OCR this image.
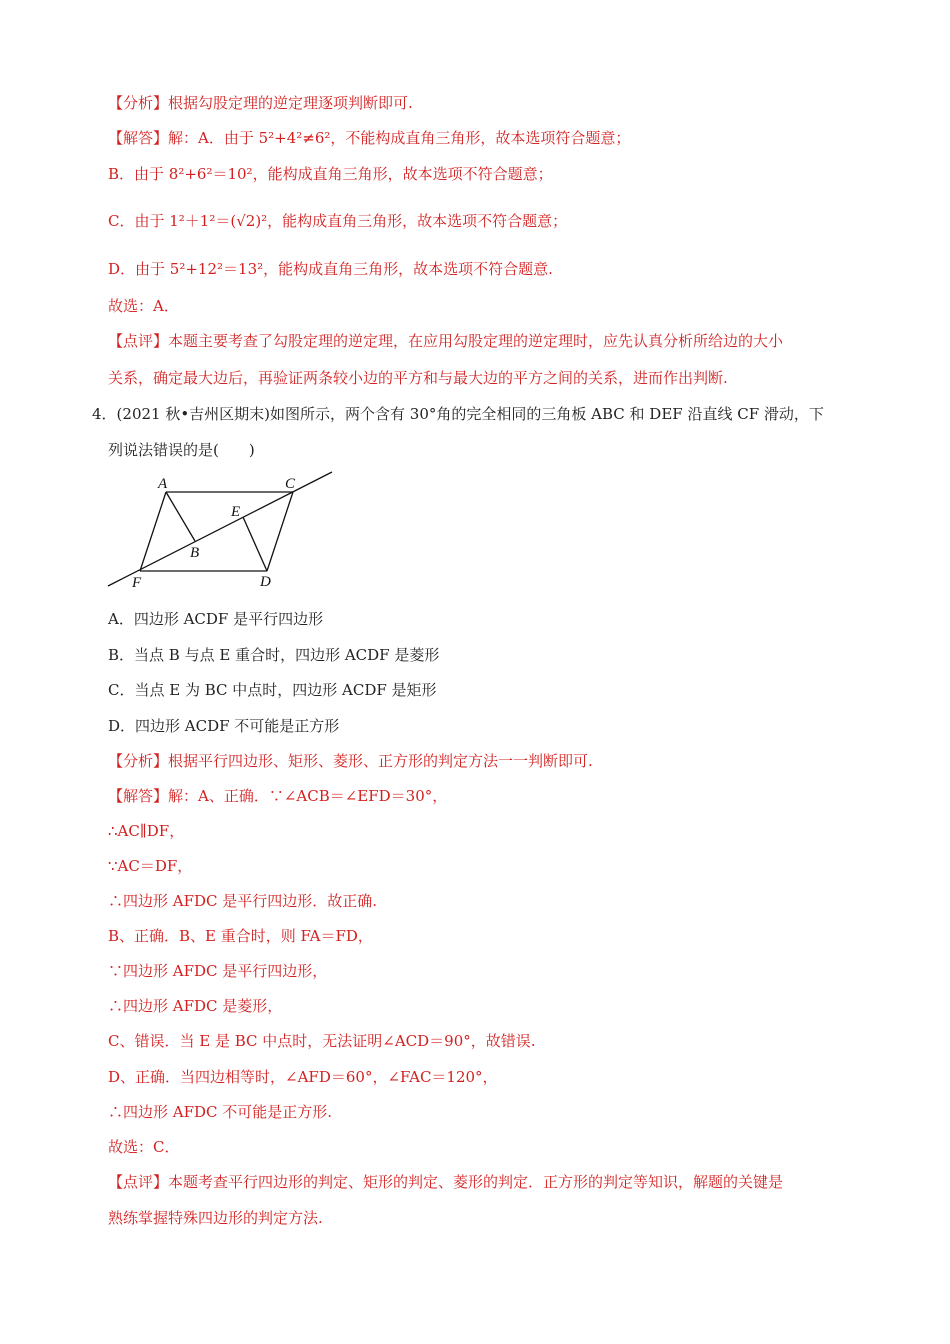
【分析】根据勾股定理的逆定理逐项判断即可.
【解答】解：A．由于 5²+4²≠6²，不能构成直角三角形，故本选项符合题意；
B．由于 8²+6²＝10²，能构成直角三角形，故本选项不符合题意；
C．由于 1²＋1²＝(√2)²，能构成直角三角形，故本选项不符合题意；
D．由于 5²+12²＝13²，能构成直角三角形，故本选项不符合题意.
故选：A．
【点评】本题主要考查了勾股定理的逆定理，在应用勾股定理的逆定理时，应先认真分析所给边的大小
关系，确定最大边后，再验证两条较小边的平方和与最大边的平方之间的关系，进而作出判断.
4．(2021 秋•吉州区期末)如图所示，两个含有 30°角的完全相同的三角板 ABC 和 DEF 沿直线 CF 滑动，下
列说法错误的是(　　)
A	C
E
B
F	D
A．四边形 ACDF 是平行四边形
B．当点 B 与点 E 重合时，四边形 ACDF 是菱形
C．当点 E 为 BC 中点时，四边形 ACDF 是矩形
D．四边形 ACDF 不可能是正方形
【分析】根据平行四边形、矩形、菱形、正方形的判定方法一一判断即可.
【解答】解：A、正确．∵∠ACB＝∠EFD＝30°，
∴AC∥DF，
∵AC＝DF，
∴四边形 AFDC 是平行四边形．故正确.
B、正确．B、E 重合时，则 FA＝FD，
∵四边形 AFDC 是平行四边形，
∴四边形 AFDC 是菱形，
C、错误．当 E 是 BC 中点时，无法证明∠ACD＝90°，故错误.
D、正确．当四边相等时，∠AFD＝60°，∠FAC＝120°，
∴四边形 AFDC 不可能是正方形.
故选：C．
【点评】本题考查平行四边形的判定、矩形的判定、菱形的判定．正方形的判定等知识，解题的关键是
熟练掌握特殊四边形的判定方法.
